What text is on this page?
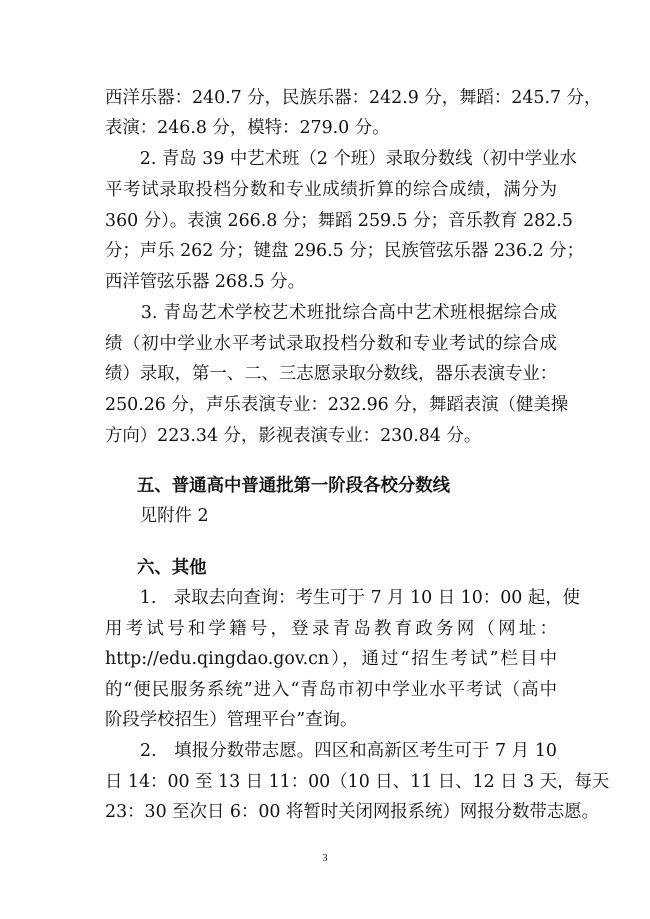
西洋乐器：240.7 分，民族乐器：242.9 分，舞蹈：245.7 分，
表演：246.8 分，模特：279.0 分。
　　2. 青岛 39 中艺术班（2 个班）录取分数线（初中学业水
平考试录取投档分数和专业成绩折算的综合成绩，满分为
360 分）。表演 266.8 分；舞蹈 259.5 分；音乐教育 282.5
分；声乐 262 分；键盘 296.5 分；民族管弦乐器 236.2 分；
西洋管弦乐器 268.5 分。
　　3. 青岛艺术学校艺术班批综合高中艺术班根据综合成
绩（初中学业水平考试录取投档分数和专业考试的综合成
绩）录取，第一、二、三志愿录取分数线，器乐表演专业：
250.26 分，声乐表演专业：232.96 分，舞蹈表演（健美操
方向）223.34 分，影视表演专业：230.84 分。
五、普通高中普通批第一阶段各校分数线
　　见附件 2
六、其他
　　1.　录取去向查询：考生可于 7 月 10 日 10：00 起，使
用考试号和学籍号，登录青岛教育政务网（网址：
http://edu.qingdao.gov.cn），通过“招生考试”栏目中
的“便民服务系统”进入“青岛市初中学业水平考试（高中
阶段学校招生）管理平台”查询。
　　2.　填报分数带志愿。四区和高新区考生可于 7 月 10
日 14：00 至 13 日 11：00（10 日、11 日、12 日 3 天，每天
23：30 至次日 6：00 将暂时关闭网报系统）网报分数带志愿。
3
